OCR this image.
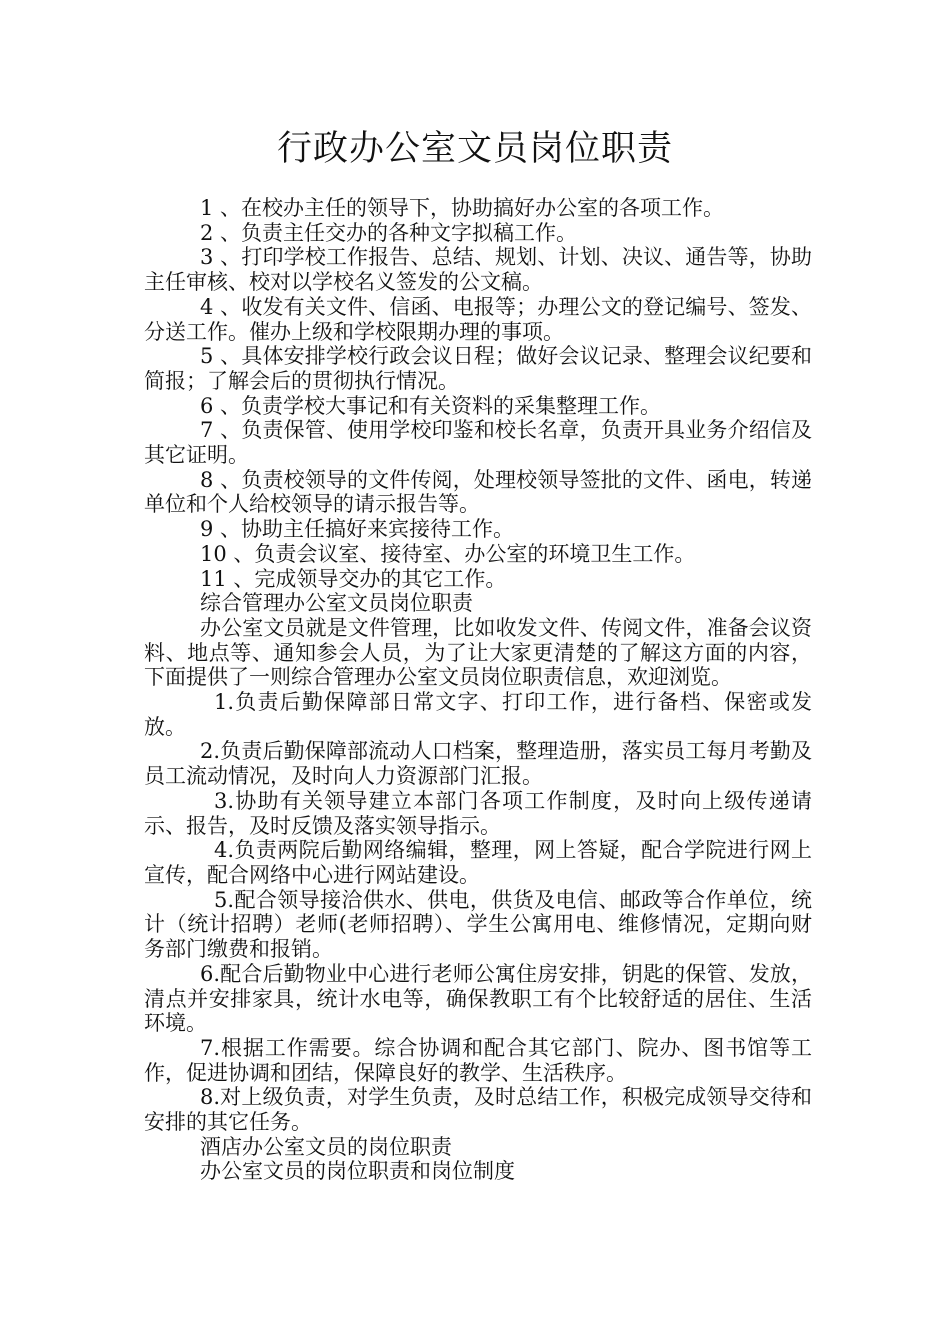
行政办公室文员岗位职责

1 、在校办主任的领导下，协助搞好办公室的各项工作。

2 、负责主任交办的各种文字拟稿工作。

3 、打印学校工作报告、总结、规划、计划、决议、通告等，协助主任审核、校对以学校名义签发的公文稿。

4 、收发有关文件、信函、电报等；办理公文的登记编号、签发、分送工作。催办上级和学校限期办理的事项。

5 、具体安排学校行政会议日程；做好会议记录、整理会议纪要和简报；了解会后的贯彻执行情况。

6 、负责学校大事记和有关资料的采集整理工作。

7 、负责保管、使用学校印鉴和校长名章，负责开具业务介绍信及其它证明。

8 、负责校领导的文件传阅，处理校领导签批的文件、函电，转递单位和个人给校领导的请示报告等。

9 、协助主任搞好来宾接待工作。

10 、负责会议室、接待室、办公室的环境卫生工作。

11 、完成领导交办的其它工作。

综合管理办公室文员岗位职责

办公室文员就是文件管理，比如收发文件、传阅文件，准备会议资料、地点等、通知参会人员，为了让大家更清楚的了解这方面的内容，下面提供了一则综合管理办公室文员岗位职责信息，欢迎浏览。

1.负责后勤保障部日常文字、打印工作，进行备档、保密或发放。

2.负责后勤保障部流动人口档案，整理造册，落实员工每月考勤及员工流动情况，及时向人力资源部门汇报。

3.协助有关领导建立本部门各项工作制度，及时向上级传递请示、报告，及时反馈及落实领导指示。

4.负责两院后勤网络编辑，整理，网上答疑，配合学院进行网上宣传，配合网络中心进行网站建设。

5.配合领导接洽供水、供电，供货及电信、邮政等合作单位，统计（统计招聘）老师(老师招聘）、学生公寓用电、维修情况，定期向财务部门缴费和报销。

6.配合后勤物业中心进行老师公寓住房安排，钥匙的保管、发放，清点并安排家具，统计水电等，确保教职工有个比较舒适的居住、生活环境。

7.根据工作需要。综合协调和配合其它部门、院办、图书馆等工作，促进协调和团结，保障良好的教学、生活秩序。

8.对上级负责，对学生负责，及时总结工作，积极完成领导交待和安排的其它任务。

酒店办公室文员的岗位职责

办公室文员的岗位职责和岗位制度
